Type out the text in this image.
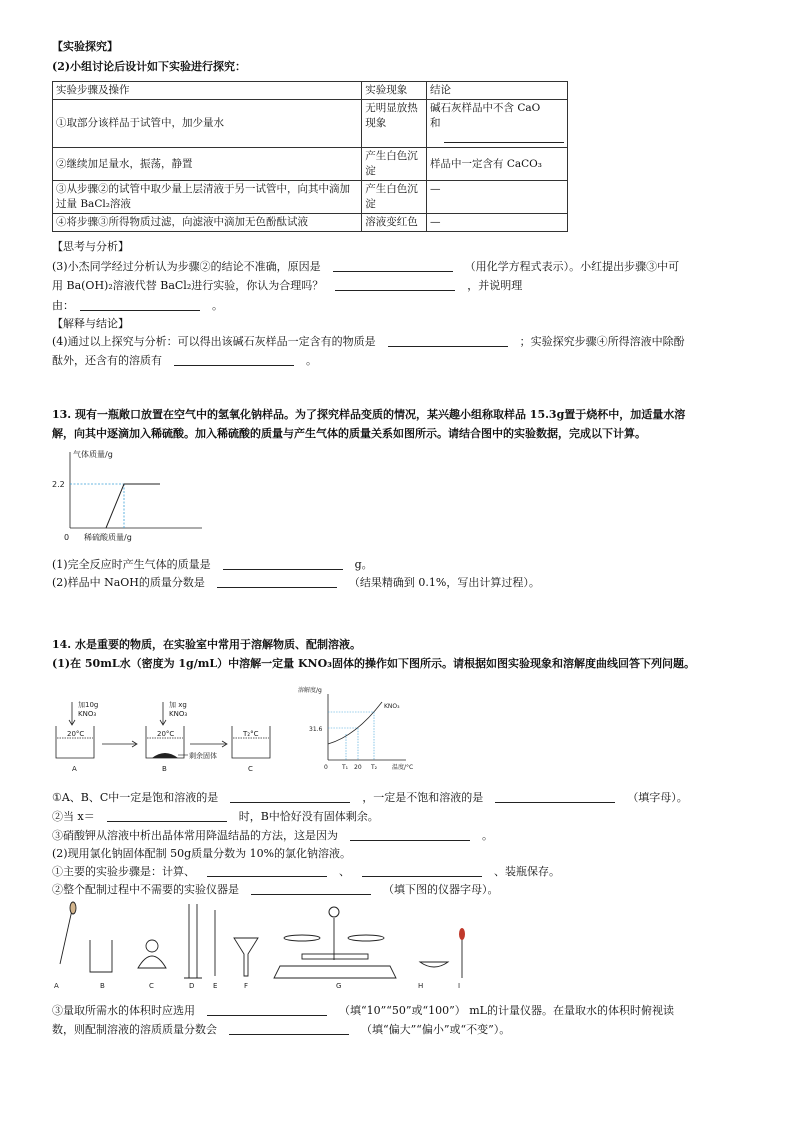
【实验探究】
(2)小组讨论后设计如下实验进行探究：
实验步骤及操作	实验现象	结论
①取部分该样品于试管中，加少量水	无明显放热现象	碱石灰样品中不含 CaO
和
②继续加足量水，振荡，静置	产生白色沉淀	样品中一定含有 CaCO₃
③从步骤②的试管中取少量上层清液于另一试管中，向其中滴加过量 BaCl₂溶液	产生白色沉淀	—
④将步骤③所得物质过滤，向滤液中滴加无色酚酞试液	溶液变红色	—
【思考与分析】
(3)小杰同学经过分析认为步骤②的结论不准确，原因是	（用化学方程式表示）。小红提出步骤③中可
用 Ba(OH)₂溶液代替 BaCl₂进行实验，你认为合理吗？	，并说明理
由：	。
【解释与结论】
(4)通过以上探究与分析：可以得出该碱石灰样品一定含有的物质是	；实验探究步骤④所得溶液中除酚
酞外，还含有的溶质有	。
13. 现有一瓶敞口放置在空气中的氢氧化钠样品。为了探究样品变质的情况，某兴趣小组称取样品 15.3g置于烧杯中，加适量水溶
解，向其中逐滴加入稀硫酸。加入稀硫酸的质量与产生气体的质量关系如图所示。请结合图中的实验数据，完成以下计算。
气体质量/g
稀硫酸质量/g
0
2.2
(1)完全反应时产生气体的质量是	g。
(2)样品中 NaOH的质量分数是	（结果精确到 0.1%，写出计算过程）。
14. 水是重要的物质，在实验室中常用于溶解物质、配制溶液。
(1)在 50mL水（密度为 1g/mL）中溶解一定量 KNO₃固体的操作如下图所示。请根据如图实验现象和溶解度曲线回答下列问题。
加10g
KNO₃
加 xg
KNO₃
20°C	20°C	T₂°C
剩余固体
A	B	C
溶解度/g
KNO₃
31.6
0 T₁ 20 T₂ 温度/°C
①A、B、C中一定是饱和溶液的是	，一定是不饱和溶液的是	（填字母）。
②当 x＝	时，B中恰好没有固体剩余。
③硝酸钾从溶液中析出晶体常用降温结晶的方法，这是因为	。
(2)现用氯化钠固体配制 50g质量分数为 10%的氯化钠溶液。
①主要的实验步骤是：计算、	、	、装瓶保存。
②整个配制过程中不需要的实验仪器是	（填下图的仪器字母）。
A	B	C	D	E	F	G	H	I
③量取所需水的体积时应选用	（填“10”“50”或“100”） mL的计量仪器。在量取水的体积时俯视读
数，则配制溶液的溶质质量分数会	（填“偏大”“偏小”或“不变”）。
